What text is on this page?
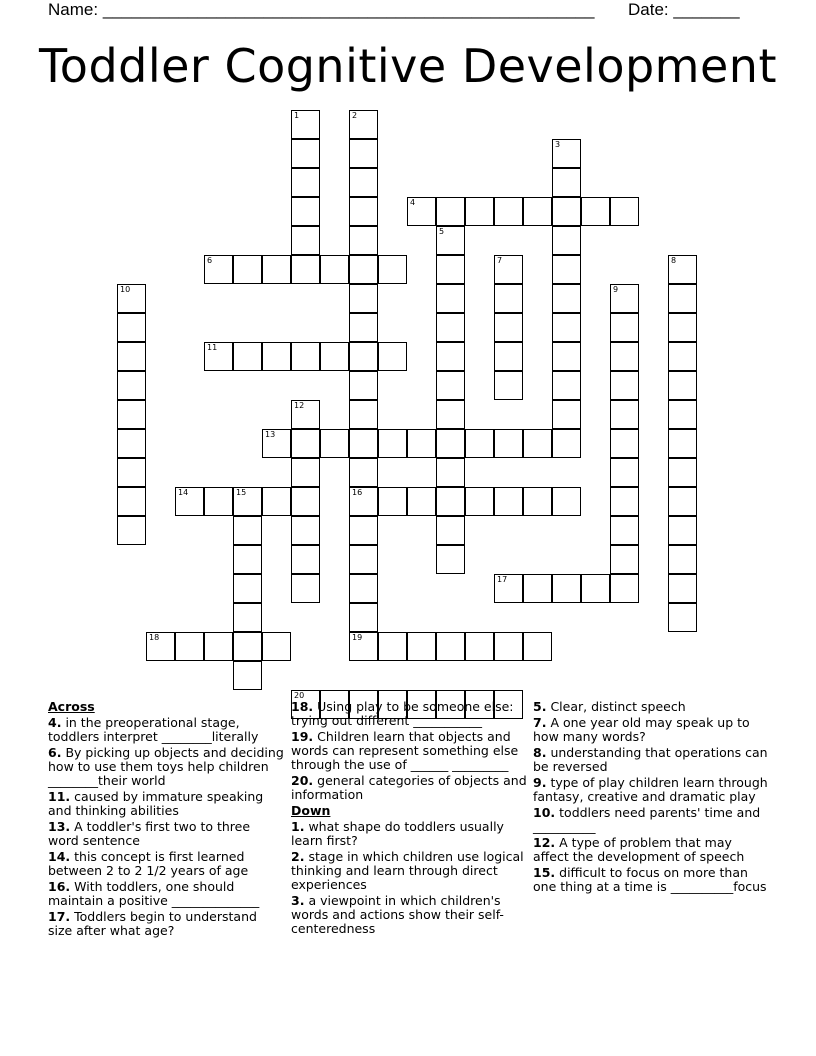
Name: ____________________________________________________ Date: _______
Toddler Cognitive Development
4
6
11
13
14	15	16
17
18	19
20
1	2
3
5
7	8
9
10
12
Across
4. in the preoperational stage, toddlers interpret ________literally
6. By picking up objects and deciding how to use them toys help children ________their world
11. caused by immature speaking and thinking abilities
13. A toddler's first two to three word sentence
14. this concept is first learned between 2 to 2 1/2 years of age
16. With toddlers, one should maintain a positive ______________
17. Toddlers begin to understand size after what age?
18. Using play to be someone else: trying out different ___________
19. Children learn that objects and words can represent something else through the use of ______ _________
20. general categories of objects and information
Down
1. what shape do toddlers usually learn first?
2. stage in which children use logical thinking and learn through direct experiences
3. a viewpoint in which children's words and actions show their self-centeredness
5. Clear, distinct speech
7. A one year old may speak up to how many words?
8. understanding that operations can be reversed
9. type of play children learn through fantasy, creative and dramatic play
10. toddlers need parents' time and __________
12. A type of problem that may affect the development of speech
15. difficult to focus on more than one thing at a time is __________focus
